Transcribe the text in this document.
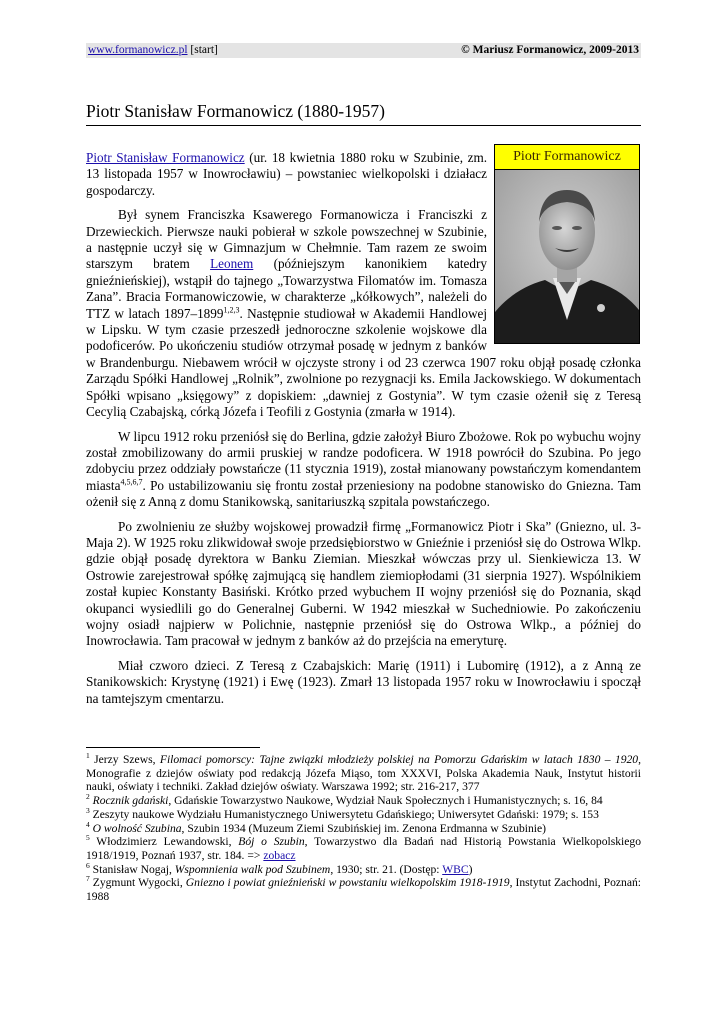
www.formanowicz.pl [start]	© Mariusz Formanowicz, 2009-2013
Piotr Stanisław Formanowicz (1880-1957)
Piotr Formanowicz

Piotr Stanisław Formanowicz (ur. 18 kwietnia 1880 roku w Szubinie, zm. 13 listopada 1957 w Inowrocławiu) – powstaniec wielkopolski i działacz gospodarczy.

Był synem Franciszka Ksawerego Formanowicza i Franciszki z Drzewieckich. Pierwsze nauki pobierał w szkole powszechnej w Szubinie, a następnie uczył się w Gimnazjum w Chełmnie. Tam razem ze swoim starszym bratem Leonem (późniejszym kanonikiem katedry gnieźnieńskiej), wstąpił do tajnego „Towarzystwa Filomatów im. Tomasza Zana”. Bracia Formanowiczowie, w charakterze „kółkowych”, należeli do TTZ w latach 1897–1899$^{1,2,3}$. Następnie studiował w Akademii Handlowej w Lipsku. W tym czasie przeszedł jednoroczne szkolenie wojskowe dla podoficerów. Po ukończeniu studiów otrzymał posadę w jednym z banków w Brandenburgu. Niebawem wrócił w ojczyste strony i od 23 czerwca 1907 roku objął posadę członka Zarządu Spółki Handlowej „Rolnik”, zwolnione po rezygnacji ks. Emila Jackowskiego. W dokumentach Spółki wpisano „księgowy” z dopiskiem: „dawniej z Gostynia”. W tym czasie ożenił się z Teresą Cecylią Czabajską, córką Józefa i Teofili z Gostynia (zmarła w 1914).

W lipcu 1912 roku przeniósł się do Berlina, gdzie założył Biuro Zbożowe. Rok po wybuchu wojny został zmobilizowany do armii pruskiej w randze podoficera. W 1918 powrócił do Szubina. Po jego zdobyciu przez oddziały powstańcze (11 stycznia 1919), został mianowany powstańczym komendantem miasta$^{4,5,6,7}$. Po ustabilizowaniu się frontu został przeniesiony na podobne stanowisko do Gniezna. Tam ożenił się z Anną z domu Stanikowską, sanitariuszką szpitala powstańczego.

Po zwolnieniu ze służby wojskowej prowadził firmę „Formanowicz Piotr i Ska” (Gniezno, ul. 3-Maja 2). W 1925 roku zlikwidował swoje przedsiębiorstwo w Gnieźnie i przeniósł się do Ostrowa Wlkp. gdzie objął posadę dyrektora w Banku Ziemian. Mieszkał wówczas przy ul. Sienkiewicza 13. W Ostrowie zarejestrował spółkę zajmującą się handlem ziemiopłodami (31 sierpnia 1927). Wspólnikiem został kupiec Konstanty Basiński. Krótko przed wybuchem II wojny przeniósł się do Poznania, skąd okupanci wysiedlili go do Generalnej Guberni. W 1942 mieszkał w Suchedniowie. Po zakończeniu wojny osiadł najpierw w Polichnie, następnie przeniósł się do Ostrowa Wlkp., a później do Inowrocławia. Tam pracował w jednym z banków aż do przejścia na emeryturę.

Miał czworo dzieci. Z Teresą z Czabajskich: Marię (1911) i Lubomirę (1912), a z Anną ze Stanikowskich: Krystynę (1921) i Ewę (1923). Zmarł 13 listopada 1957 roku w Inowrocławiu i spoczął na tamtejszym cmentarzu.

$^1$ Jerzy Szews, Filomaci pomorscy: Tajne związki młodzieży polskiej na Pomorzu Gdańskim w latach 1830 – 1920, Monografie z dziejów oświaty pod redakcją Józefa Miąso, tom XXXVI, Polska Akademia Nauk, Instytut historii nauki, oświaty i techniki. Zakład dziejów oświaty. Warszawa 1992; str. 216-217, 377
$^2$ Rocznik gdański, Gdańskie Towarzystwo Naukowe, Wydział Nauk Społecznych i Humanistycznych; s. 16, 84
$^3$ Zeszyty naukowe Wydziału Humanistycznego Uniwersytetu Gdańskiego; Uniwersytet Gdański: 1979; s. 153
$^4$ O wolność Szubina, Szubin 1934 (Muzeum Ziemi Szubińskiej im. Zenona Erdmanna w Szubinie)
$^5$ Włodzimierz Lewandowski, Bój o Szubin, Towarzystwo dla Badań nad Historią Powstania Wielkopolskiego 1918/1919, Poznań 1937, str. 184. => zobacz
$^6$ Stanisław Nogaj, Wspomnienia walk pod Szubinem, 1930; str. 21. (Dostęp: WBC)
$^7$ Zygmunt Wygocki, Gniezno i powiat gnieźnieński w powstaniu wielkopolskim 1918-1919, Instytut Zachodni, Poznań: 1988
